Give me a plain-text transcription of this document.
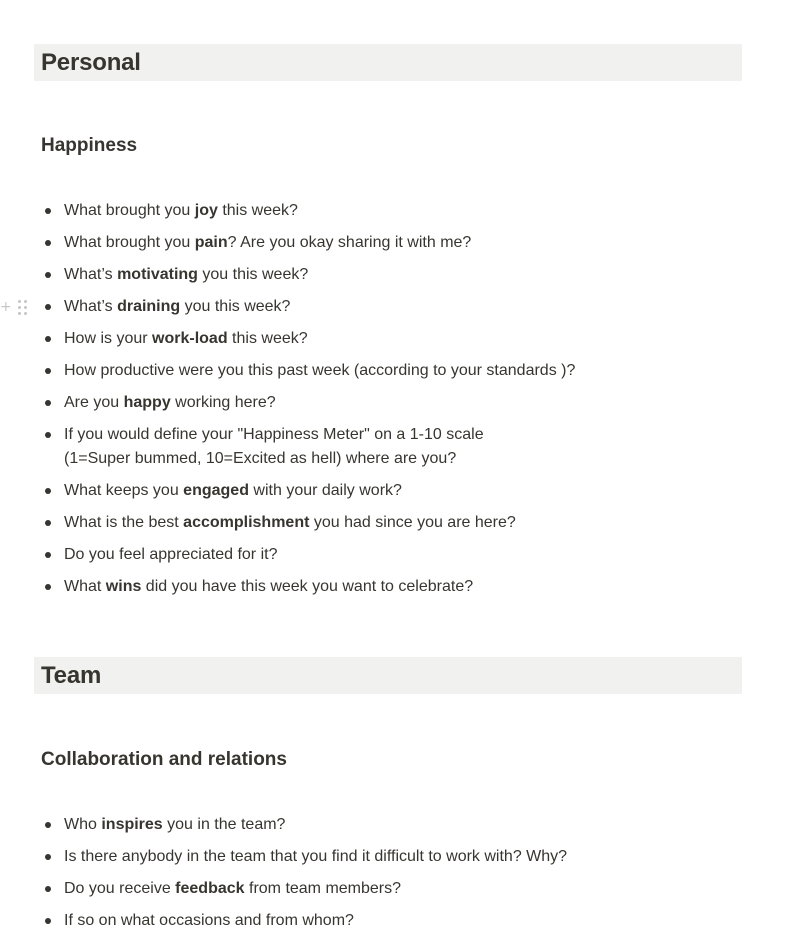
Personal
Happiness
+
What brought you joy this week?
What brought you pain? Are you okay sharing it with me?
What’s motivating you this week?
What’s draining you this week?
How is your work-load this week?
How productive were you this past week (according to your standards )?
Are you happy working here?
If you would define your "Happiness Meter" on a 1-10 scale
(1=Super bummed, 10=Excited as hell) where are you?
What keeps you engaged with your daily work?
What is the best accomplishment you had since you are here?
Do you feel appreciated for it?
What wins did you have this week you want to celebrate?
Team
Collaboration and relations
Who inspires you in the team?
Is there anybody in the team that you find it difficult to work with? Why?
Do you receive feedback from team members?
If so on what occasions and from whom?
